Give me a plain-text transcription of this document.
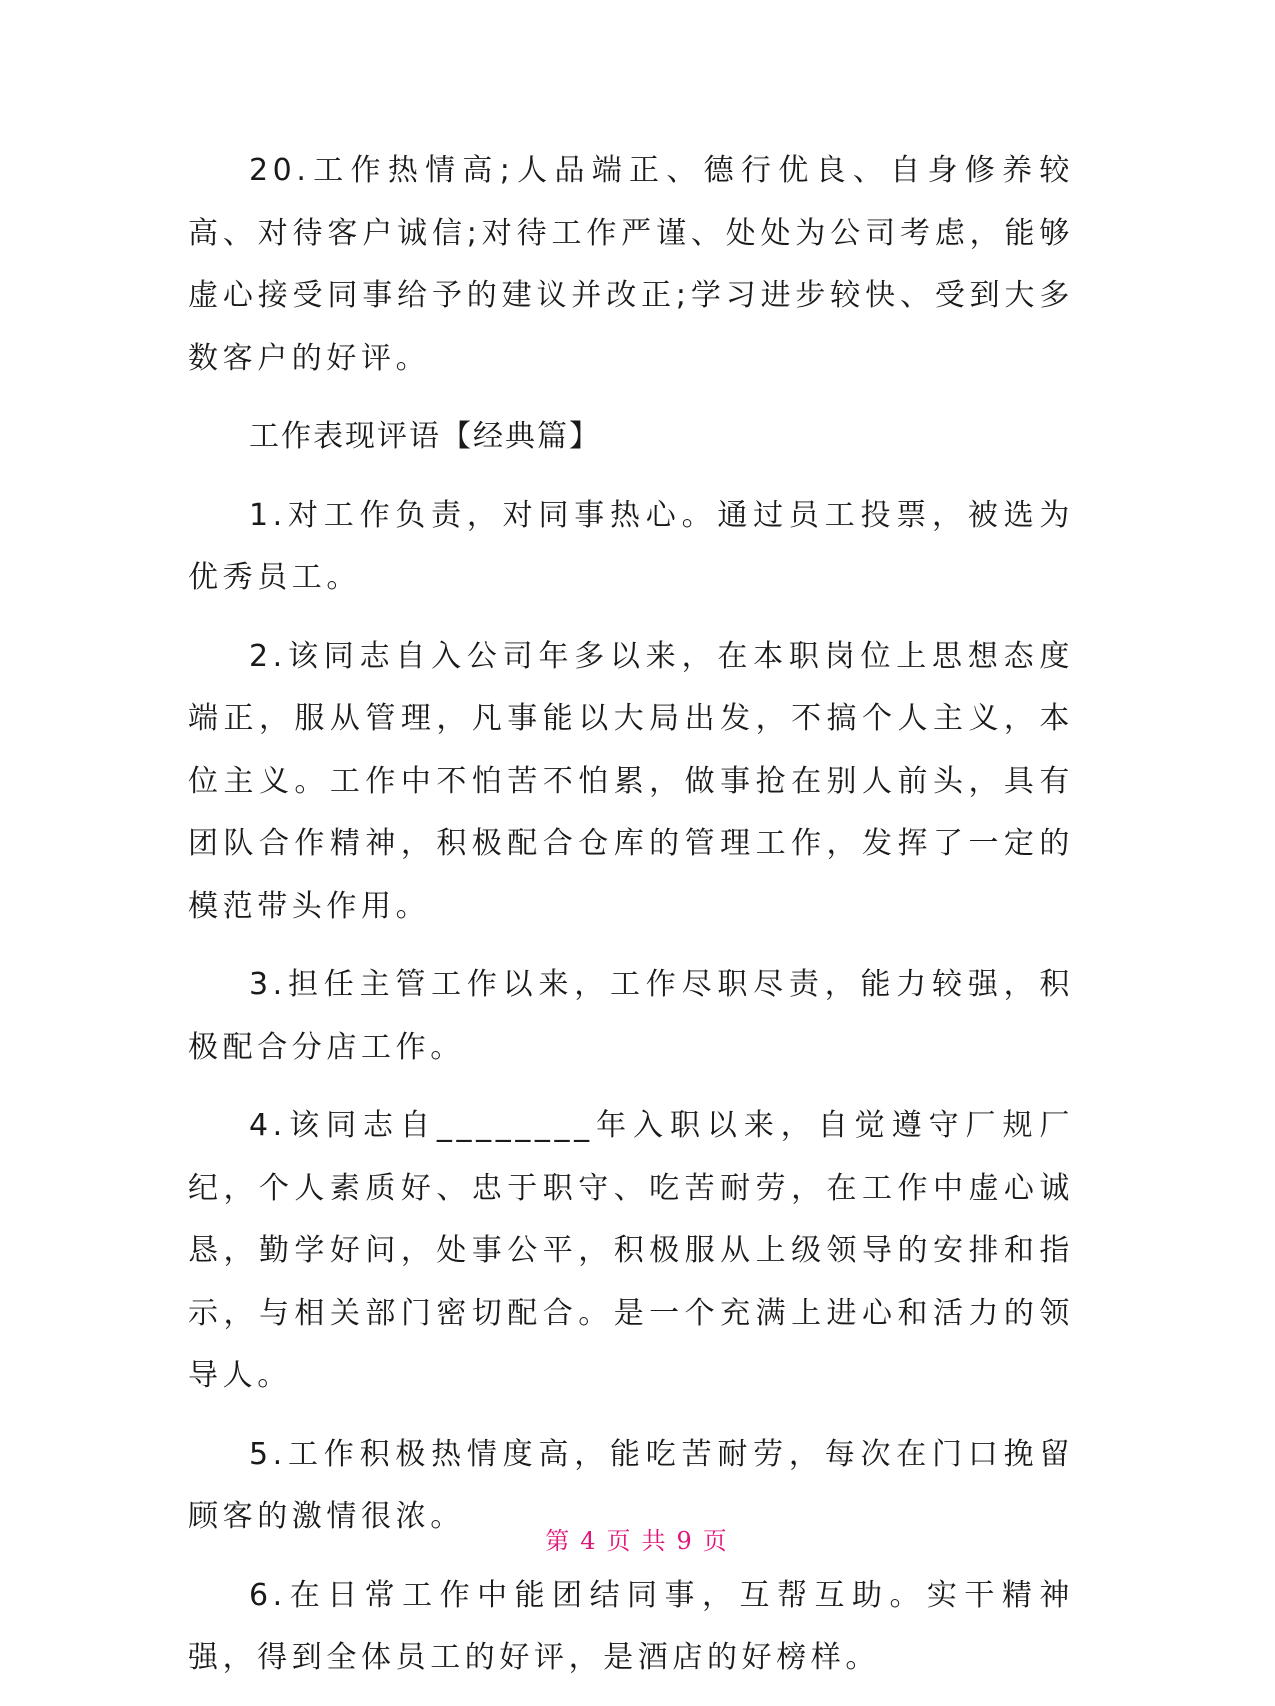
20.工作热情高;人品端正、德行优良、自身修养较高、对待客户诚信;对待工作严谨、处处为公司考虑，能够虚心接受同事给予的建议并改正;学习进步较快、受到大多数客户的好评。

工作表现评语【经典篇】

1.对工作负责，对同事热心。通过员工投票，被选为优秀员工。

2.该同志自入公司年多以来，在本职岗位上思想态度端正，服从管理，凡事能以大局出发，不搞个人主义，本位主义。工作中不怕苦不怕累，做事抢在别人前头，具有团队合作精神，积极配合仓库的管理工作，发挥了一定的模范带头作用。

3.担任主管工作以来，工作尽职尽责，能力较强，积极配合分店工作。

4.该同志自________年入职以来，自觉遵守厂规厂纪，个人素质好、忠于职守、吃苦耐劳，在工作中虚心诚恳，勤学好问，处事公平，积极服从上级领导的安排和指示，与相关部门密切配合。是一个充满上进心和活力的领导人。

5.工作积极热情度高，能吃苦耐劳，每次在门口挽留顾客的激情很浓。

6.在日常工作中能团结同事，互帮互助。实干精神强，得到全体员工的好评，是酒店的好榜样。

第 4 页 共 9 页
